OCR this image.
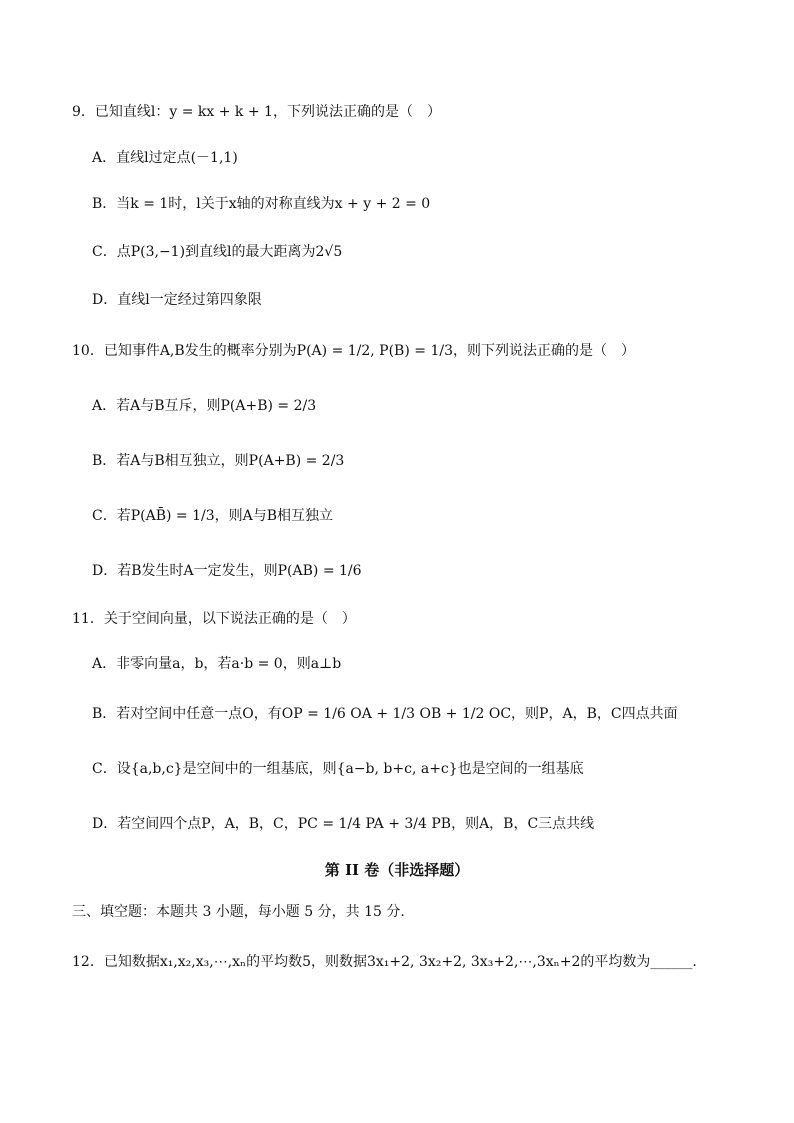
9．已知直线l：y = kx + k + 1，下列说法正确的是（　）
A．直线l过定点(－1,1)
B．当k = 1时，l关于x轴的对称直线为x + y + 2 = 0
C．点P(3,−1)到直线l的最大距离为2√5
D．直线l一定经过第四象限
10．已知事件A,B发生的概率分别为P(A) = 1/2, P(B) = 1/3，则下列说法正确的是（　）
A．若A与B互斥，则P(A+B) = 2/3
B．若A与B相互独立，则P(A+B) = 2/3
C．若P(AB̄) = 1/3，则A与B相互独立
D．若B发生时A一定发生，则P(AB) = 1/6
11．关于空间向量，以下说法正确的是（　）
A．非零向量a，b，若a·b = 0，则a⊥b
B．若对空间中任意一点O，有OP = 1/6 OA + 1/3 OB + 1/2 OC，则P，A，B，C四点共面
C．设{a,b,c}是空间中的一组基底，则{a−b, b+c, a+c}也是空间的一组基底
D．若空间四个点P，A，B，C，PC = 1/4 PA + 3/4 PB，则A，B，C三点共线
第 II 卷（非选择题）
三、填空题：本题共 3 小题，每小题 5 分，共 15 分.
12．已知数据x₁,x₂,x₃,⋯,xₙ的平均数5，则数据3x₁+2, 3x₂+2, 3x₃+2,⋯,3xₙ+2的平均数为______.
